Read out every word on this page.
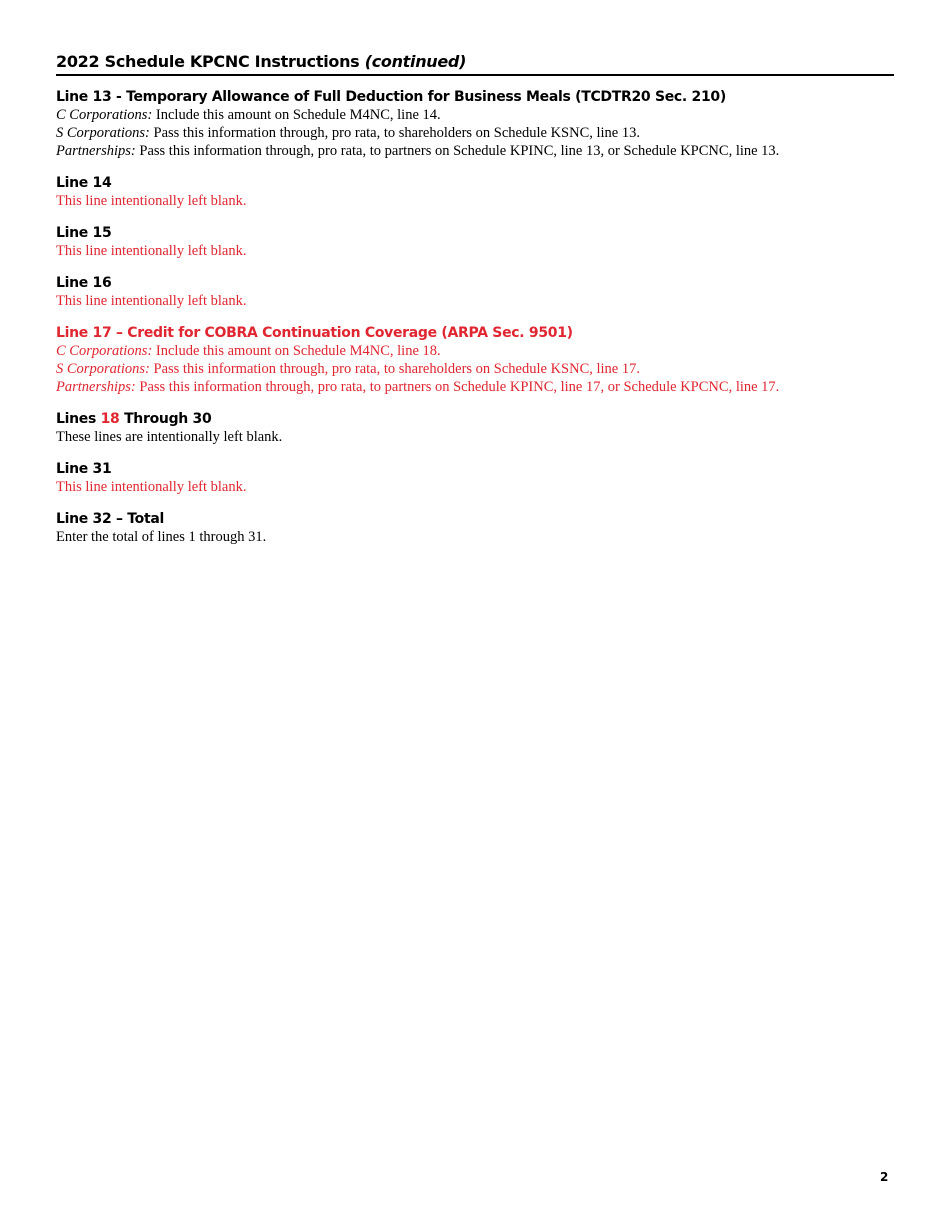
2022 Schedule KPCNC Instructions (continued)
Line 13 - Temporary Allowance of Full Deduction for Business Meals (TCDTR20 Sec. 210)
C Corporations: Include this amount on Schedule M4NC, line 14.
S Corporations: Pass this information through, pro rata, to shareholders on Schedule KSNC, line 13.
Partnerships: Pass this information through, pro rata, to partners on Schedule KPINC, line 13, or Schedule KPCNC, line 13.
Line 14
This line intentionally left blank.
Line 15
This line intentionally left blank.
Line 16
This line intentionally left blank.
Line 17 – Credit for COBRA Continuation Coverage (ARPA Sec. 9501)
C Corporations: Include this amount on Schedule M4NC, line 18.
S Corporations: Pass this information through, pro rata, to shareholders on Schedule KSNC, line 17.
Partnerships: Pass this information through, pro rata, to partners on Schedule KPINC, line 17, or Schedule KPCNC, line 17.
Lines 18 Through 30
These lines are intentionally left blank.
Line 31
This line intentionally left blank.
Line 32 – Total
Enter the total of lines 1 through 31.
2
